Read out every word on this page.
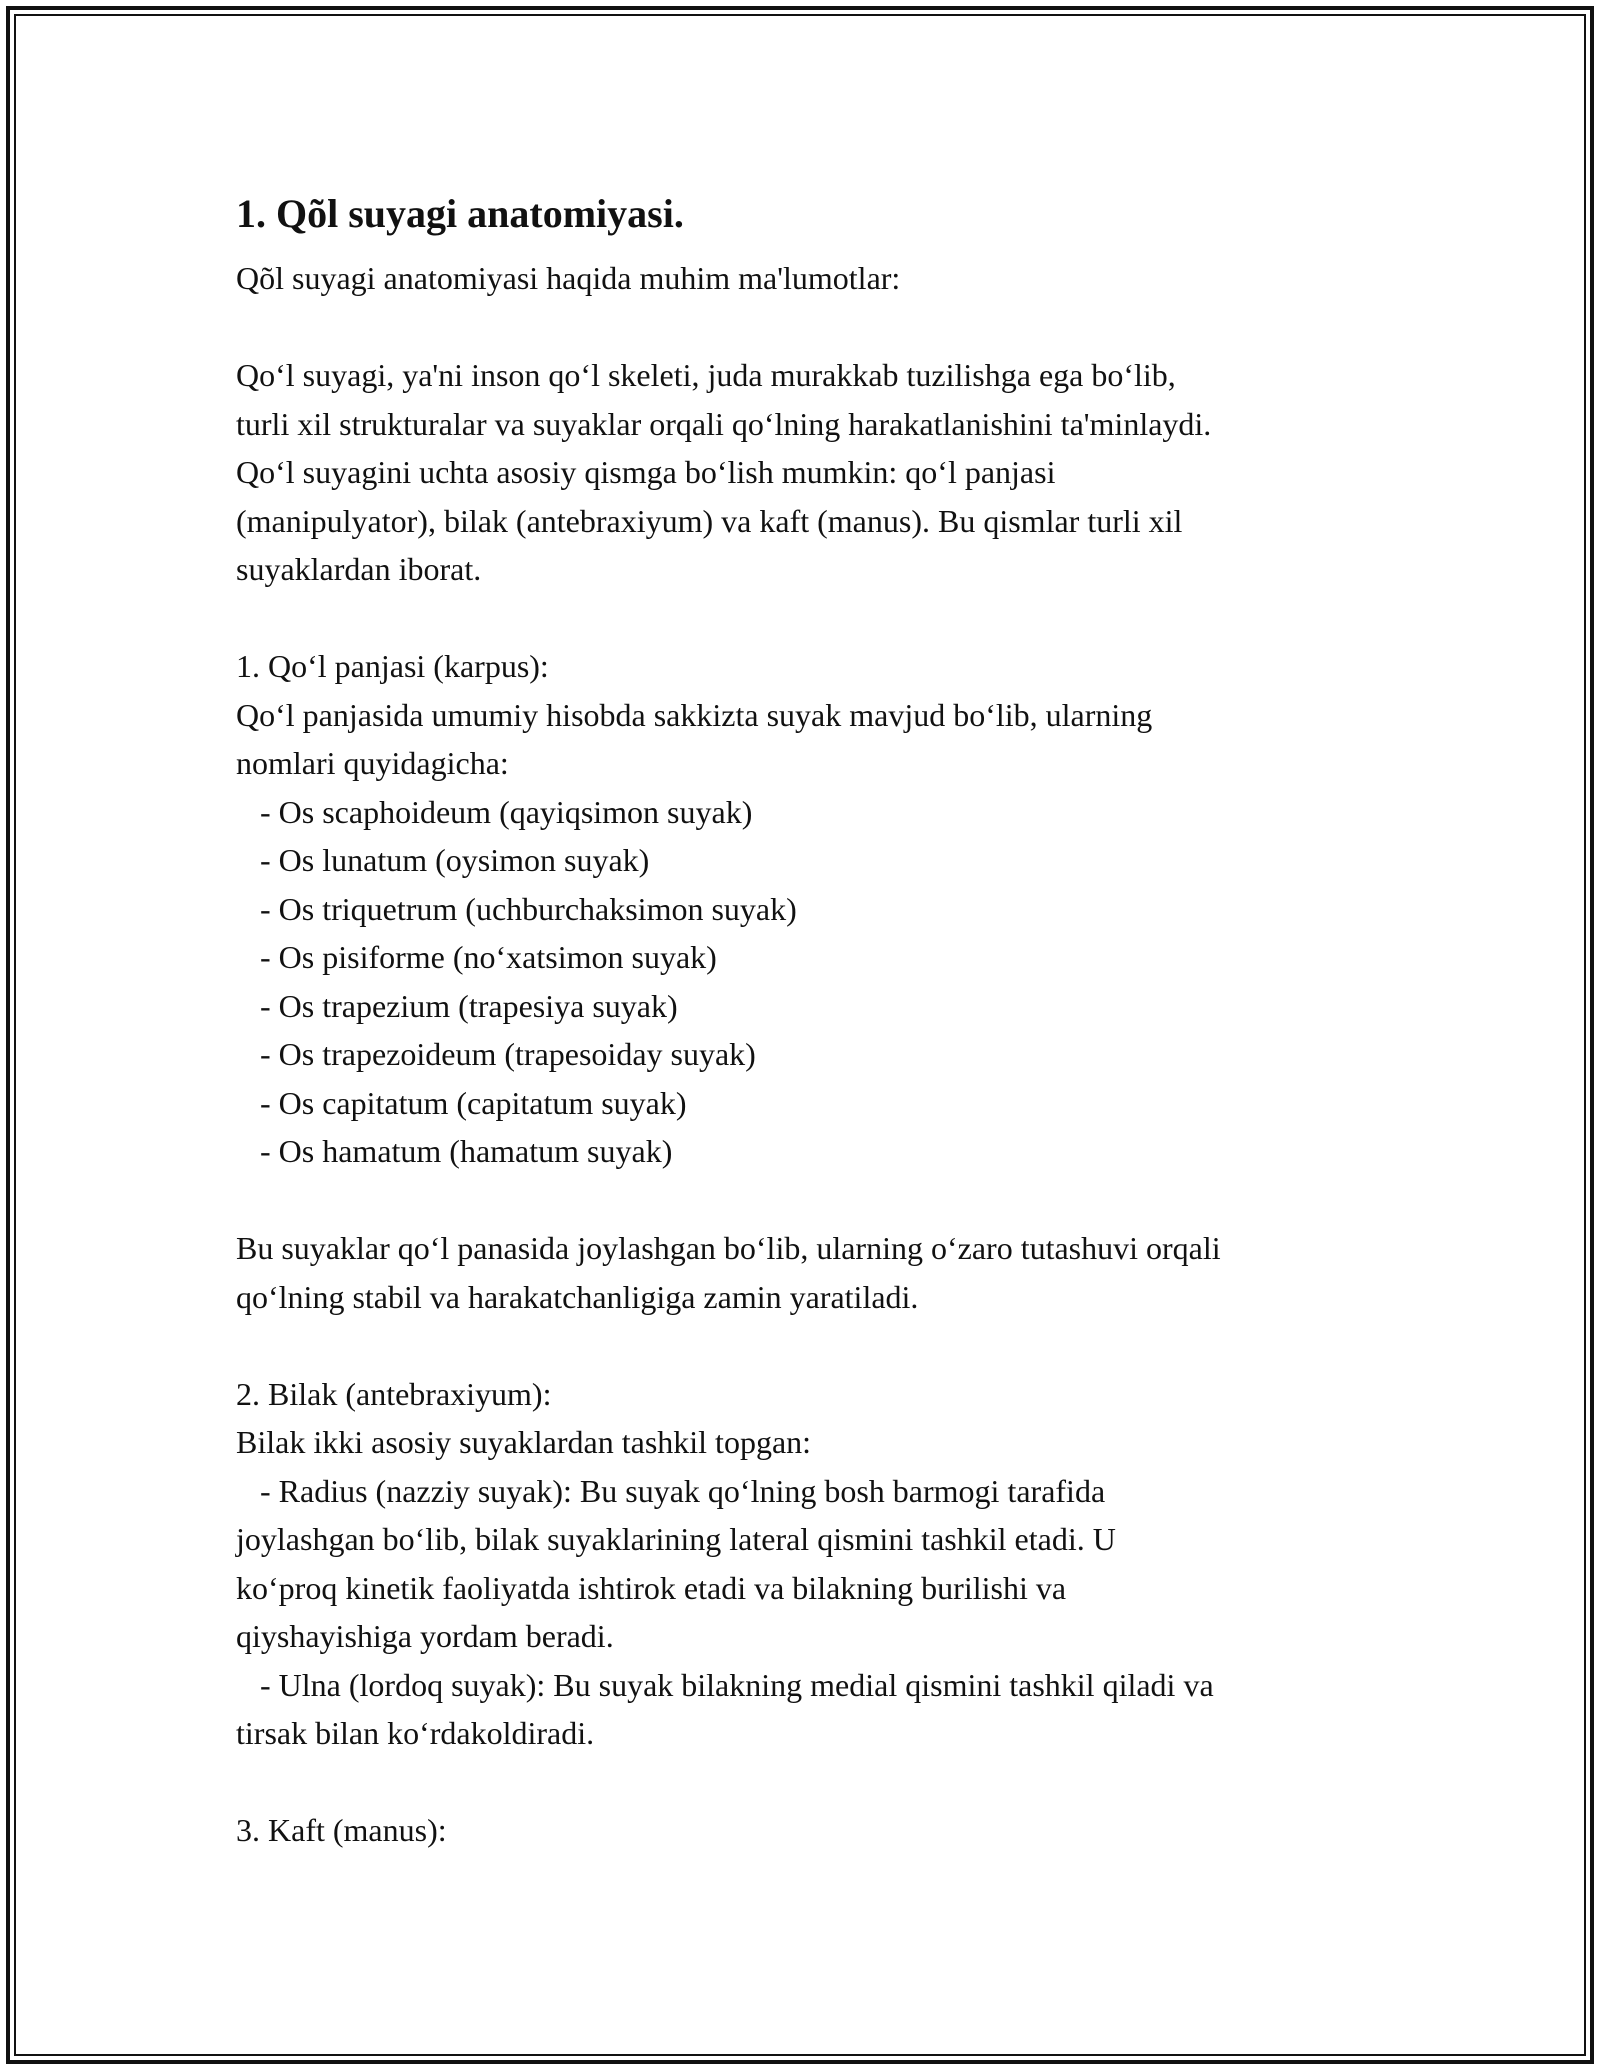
1. Qõl suyagi anatomiyasi.
Qõl suyagi anatomiyasi haqida muhim ma'lumotlar:
Qo‘l suyagi, ya'ni inson qo‘l skeleti, juda murakkab tuzilishga ega bo‘lib,
turli xil strukturalar va suyaklar orqali qo‘lning harakatlanishini ta'minlaydi.
Qo‘l suyagini uchta asosiy qismga bo‘lish mumkin: qo‘l panjasi
(manipulyator), bilak (antebraxiyum) va kaft (manus). Bu qismlar turli xil
suyaklardan iborat.
1. Qo‘l panjasi (karpus):
Qo‘l panjasida umumiy hisobda sakkizta suyak mavjud bo‘lib, ularning
nomlari quyidagicha:
- Os scaphoideum (qayiqsimon suyak)
- Os lunatum (oysimon suyak)
- Os triquetrum (uchburchaksimon suyak)
- Os pisiforme (no‘xatsimon suyak)
- Os trapezium (trapesiya suyak)
- Os trapezoideum (trapesoiday suyak)
- Os capitatum (capitatum suyak)
- Os hamatum (hamatum suyak)
Bu suyaklar qo‘l panasida joylashgan bo‘lib, ularning o‘zaro tutashuvi orqali
qo‘lning stabil va harakatchanligiga zamin yaratiladi.
2. Bilak (antebraxiyum):
Bilak ikki asosiy suyaklardan tashkil topgan:
- Radius (nazziy suyak): Bu suyak qo‘lning bosh barmogi tarafida
joylashgan bo‘lib, bilak suyaklarining lateral qismini tashkil etadi. U
ko‘proq kinetik faoliyatda ishtirok etadi va bilakning burilishi va
qiyshayishiga yordam beradi.
- Ulna (lordoq suyak): Bu suyak bilakning medial qismini tashkil qiladi va
tirsak bilan ko‘rdakoldiradi.
3. Kaft (manus):
